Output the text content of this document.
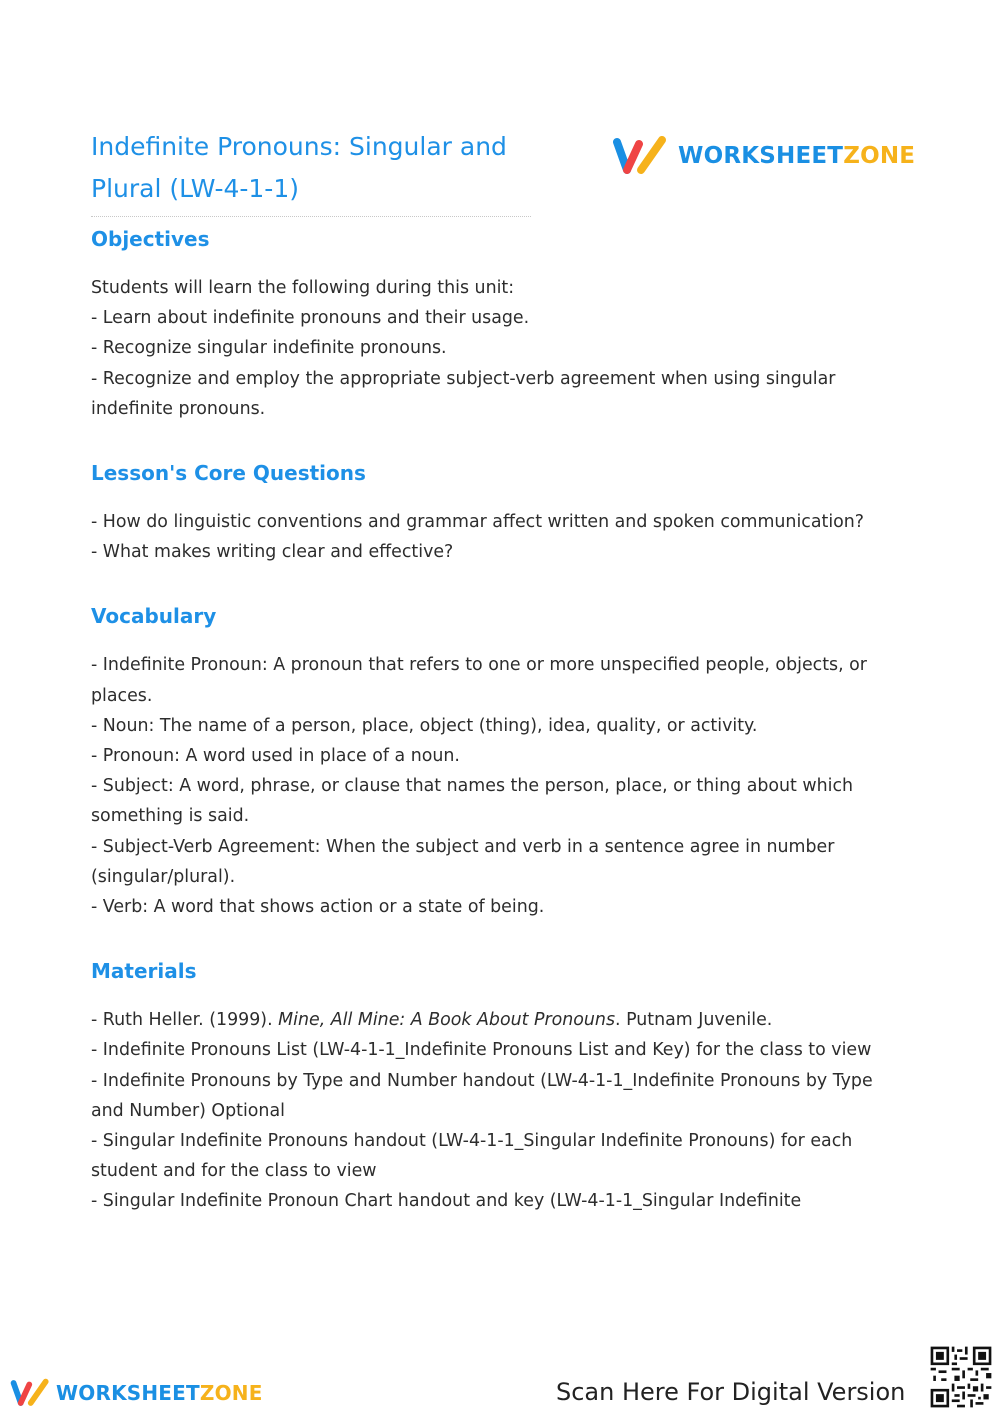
Indefinite Pronouns: Singular and
Plural (LW-4-1-1)
WORKSHEETZONE
Objectives

Students will learn the following during this unit:

- Learn about indefinite pronouns and their usage.

- Recognize singular indefinite pronouns.

- Recognize and employ the appropriate subject-verb agreement when using singular indefinite pronouns.

Lesson's Core Questions

- How do linguistic conventions and grammar affect written and spoken communication?

- What makes writing clear and effective?

Vocabulary

- Indefinite Pronoun: A pronoun that refers to one or more unspecified people, objects, or places.

- Noun: The name of a person, place, object (thing), idea, quality, or activity.

- Pronoun: A word used in place of a noun.

- Subject: A word, phrase, or clause that names the person, place, or thing about which something is said.

- Subject-Verb Agreement: When the subject and verb in a sentence agree in number (singular/plural).

- Verb: A word that shows action or a state of being.

Materials

- Ruth Heller. (1999). Mine, All Mine: A Book About Pronouns. Putnam Juvenile.

- Indefinite Pronouns List (LW-4-1-1_Indefinite Pronouns List and Key) for the class to view

- Indefinite Pronouns by Type and Number handout (LW-4-1-1_Indefinite Pronouns by Type and Number) Optional

- Singular Indefinite Pronouns handout (LW-4-1-1_Singular Indefinite Pronouns) for each student and for the class to view

- Singular Indefinite Pronoun Chart handout and key (LW-4-1-1_Singular Indefinite

WORKSHEETZONE	Scan Here For Digital Version
